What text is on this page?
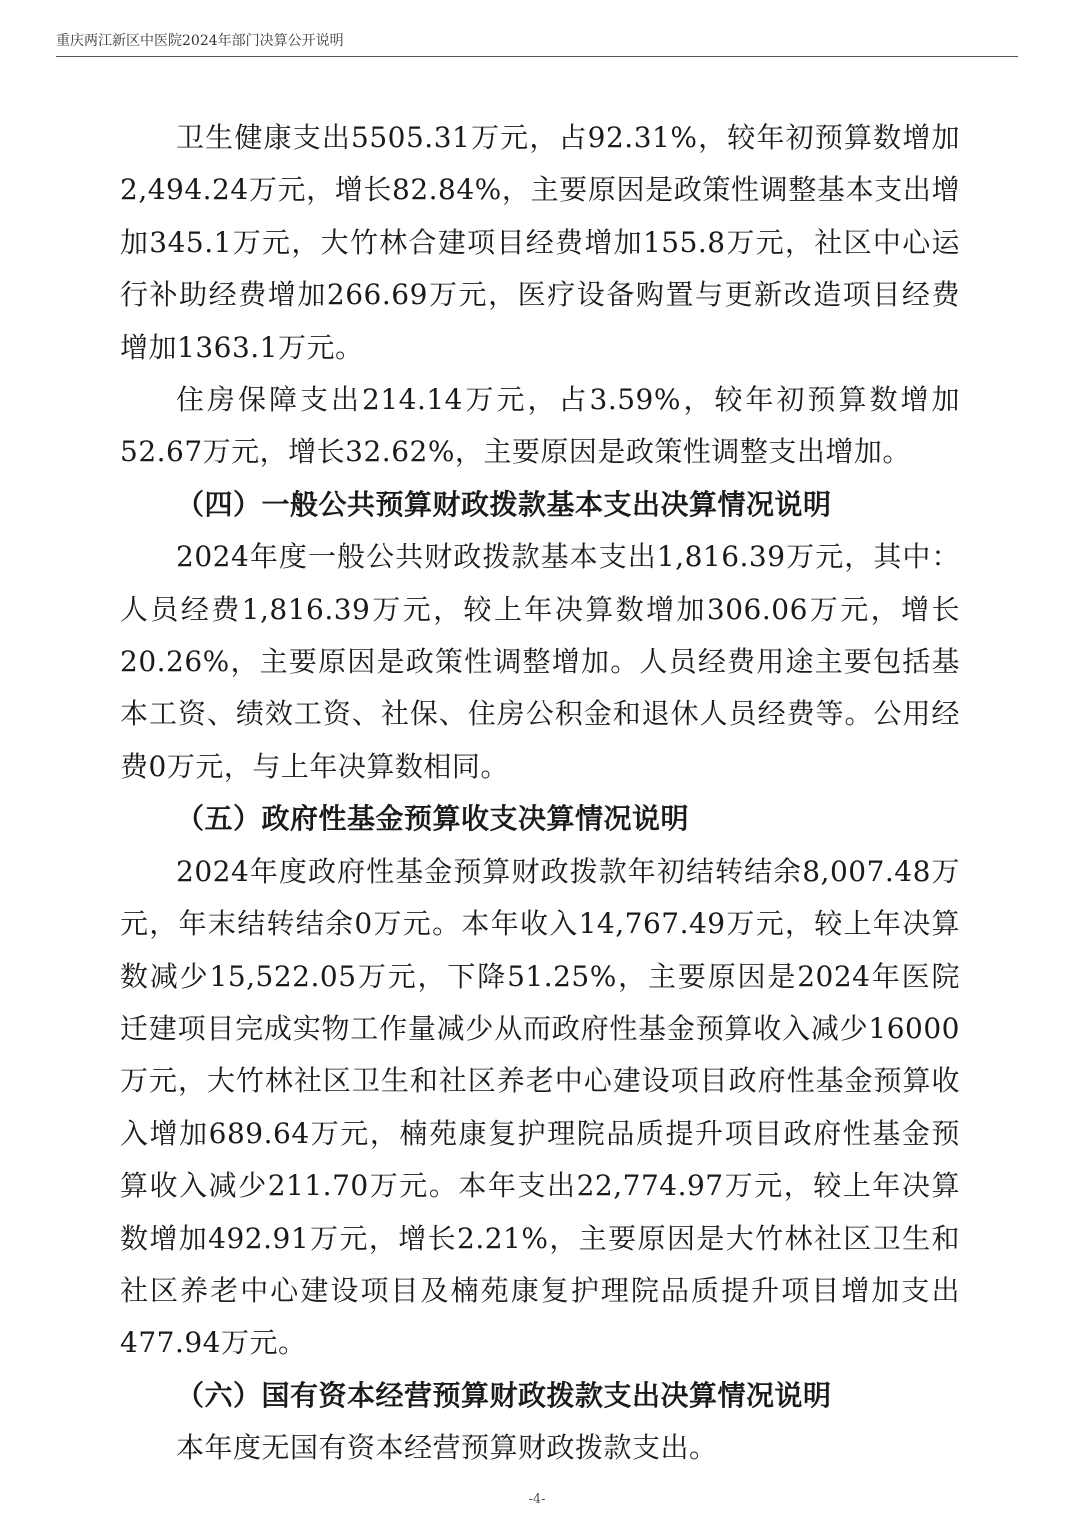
重庆两江新区中医院2024年部门决算公开说明

卫生健康支出5505.31万元，占92.31%，较年初预算数增加2,494.24万元，增长82.84%，主要原因是政策性调整基本支出增加345.1万元，大竹林合建项目经费增加155.8万元，社区中心运行补助经费增加266.69万元，医疗设备购置与更新改造项目经费增加1363.1万元。

住房保障支出214.14万元，占3.59%，较年初预算数增加52.67万元，增长32.62%，主要原因是政策性调整支出增加。

（四）一般公共预算财政拨款基本支出决算情况说明

2024年度一般公共财政拨款基本支出1,816.39万元，其中：人员经费1,816.39万元，较上年决算数增加306.06万元，增长20.26%，主要原因是政策性调整增加。人员经费用途主要包括基本工资、绩效工资、社保、住房公积金和退休人员经费等。公用经费0万元，与上年决算数相同。

（五）政府性基金预算收支决算情况说明

2024年度政府性基金预算财政拨款年初结转结余8,007.48万元，年末结转结余0万元。本年收入14,767.49万元，较上年决算数减少15,522.05万元，下降51.25%，主要原因是2024年医院迁建项目完成实物工作量减少从而政府性基金预算收入减少16000万元，大竹林社区卫生和社区养老中心建设项目政府性基金预算收入增加689.64万元，楠苑康复护理院品质提升项目政府性基金预算收入减少211.70万元。本年支出22,774.97万元，较上年决算数增加492.91万元，增长2.21%，主要原因是大竹林社区卫生和社区养老中心建设项目及楠苑康复护理院品质提升项目增加支出477.94万元。

（六）国有资本经营预算财政拨款支出决算情况说明

本年度无国有资本经营预算财政拨款支出。

-4-
